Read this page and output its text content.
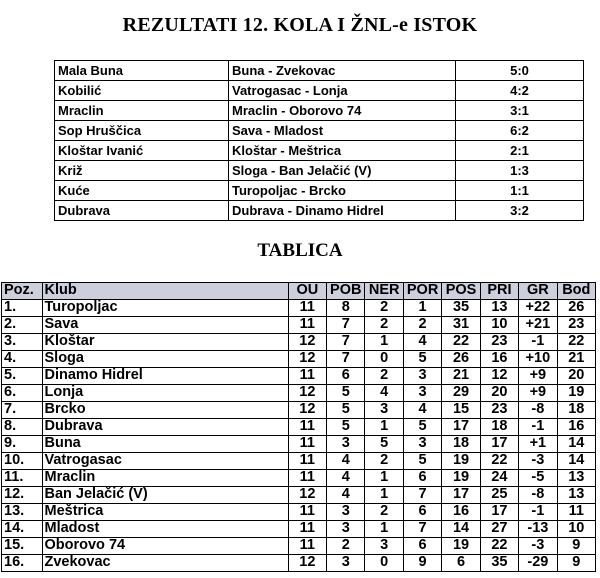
REZULTATI 12. KOLA I ŽNL-e ISTOK
Mala Buna	Buna - Zvekovac	5:0
Kobilić	Vatrogasac - Lonja	4:2
Mraclin	Mraclin - Oborovo 74	3:1
Sop Hruščica	Sava - Mladost	6:2
Kloštar Ivanić	Kloštar - Meštrica	2:1
Križ	Sloga - Ban Jelačić (V)	1:3
Kuće	Turopoljac - Brcko	1:1
Dubrava	Dubrava - Dinamo Hidrel	3:2
TABLICA
Poz.	Klub	OU	POB	NER	POR	POS	PRI	GR	Bod
1.	Turopoljac	11	8	2	1	35	13	+22	26
2.	Sava	11	7	2	2	31	10	+21	23
3.	Kloštar	12	7	1	4	22	23	-1	22
4.	Sloga	12	7	0	5	26	16	+10	21
5.	Dinamo Hidrel	11	6	2	3	21	12	+9	20
6.	Lonja	12	5	4	3	29	20	+9	19
7.	Brcko	12	5	3	4	15	23	-8	18
8.	Dubrava	11	5	1	5	17	18	-1	16
9.	Buna	11	3	5	3	18	17	+1	14
10.	Vatrogasac	11	4	2	5	19	22	-3	14
11.	Mraclin	11	4	1	6	19	24	-5	13
12.	Ban Jelačić (V)	12	4	1	7	17	25	-8	13
13.	Meštrica	11	3	2	6	16	17	-1	11
14.	Mladost	11	3	1	7	14	27	-13	10
15.	Oborovo 74	11	2	3	6	19	22	-3	9
16.	Zvekovac	12	3	0	9	6	35	-29	9
